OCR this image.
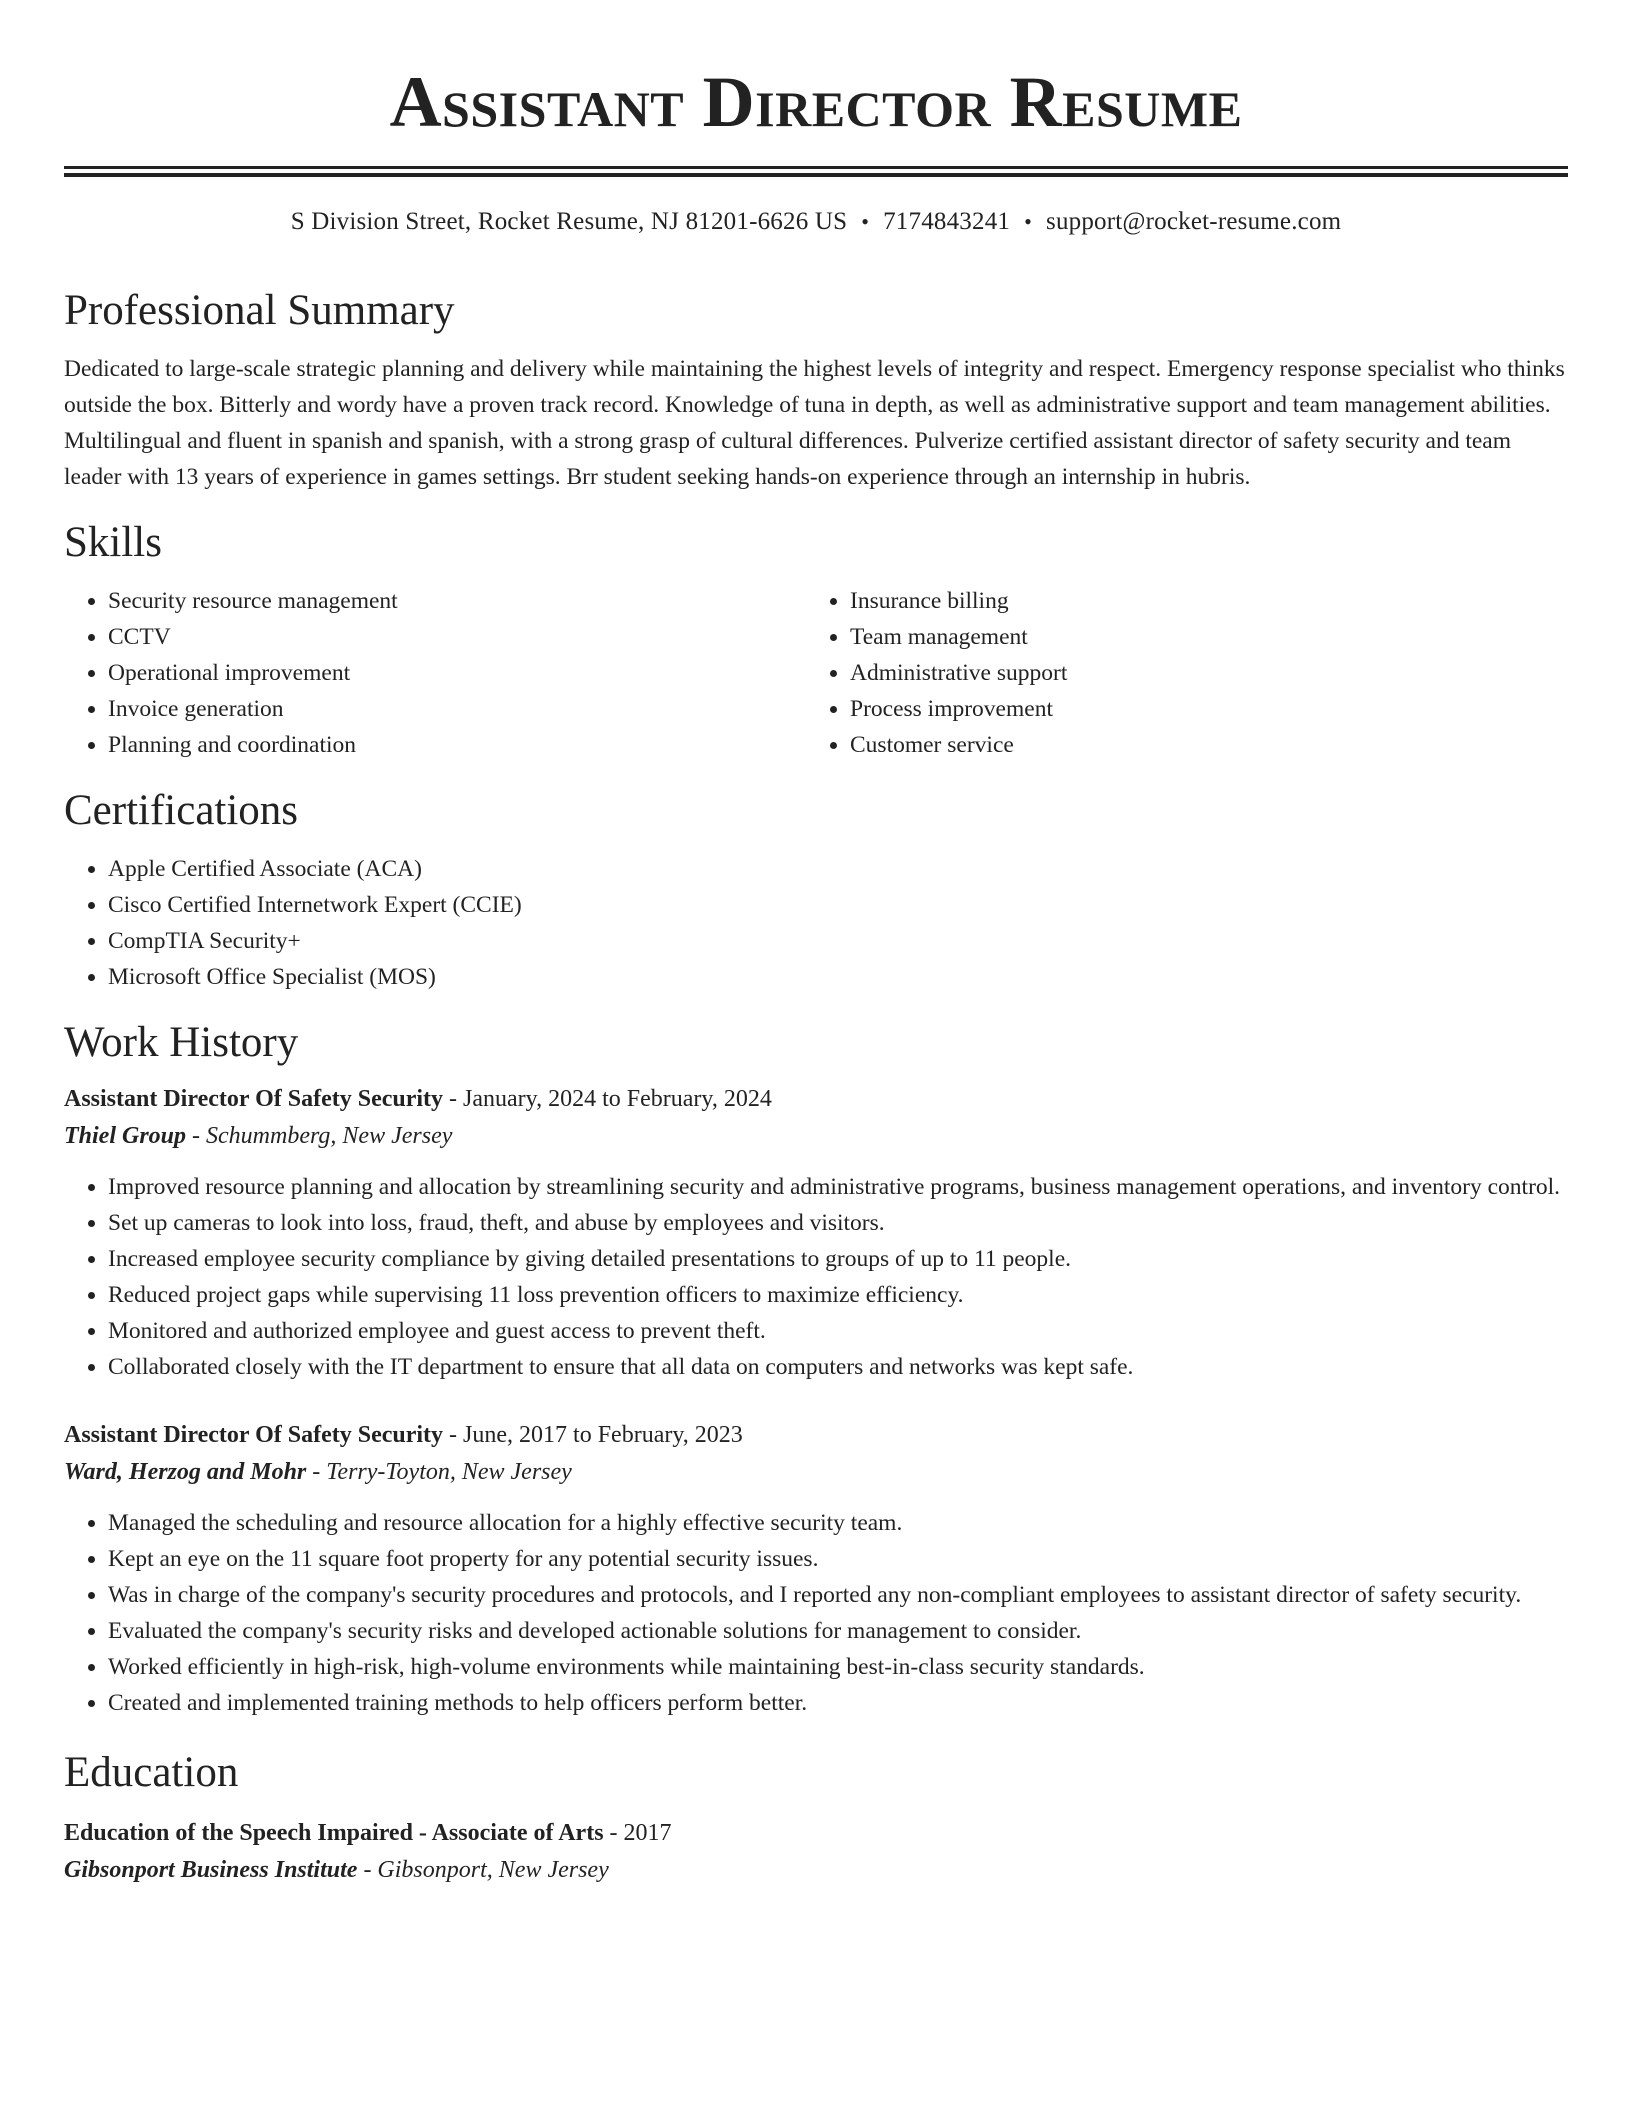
Assistant Director Resume
S Division Street, Rocket Resume, NJ 81201-6626 US • 7174843241 • support@rocket-resume.com
Professional Summary

Dedicated to large-scale strategic planning and delivery while maintaining the highest levels of integrity and respect. Emergency response specialist who thinks outside the box. Bitterly and wordy have a proven track record. Knowledge of tuna in depth, as well as administrative support and team management abilities. Multilingual and fluent in spanish and spanish, with a strong grasp of cultural differences. Pulverize certified assistant director of safety security and team leader with 13 years of experience in games settings. Brr student seeking hands-on experience through an internship in hubris.

Skills
• Security resource management
• CCTV
• Operational improvement
• Invoice generation
• Planning and coordination
• Insurance billing
• Team management
• Administrative support
• Process improvement
• Customer service
Certifications
• Apple Certified Associate (ACA)
• Cisco Certified Internetwork Expert (CCIE)
• CompTIA Security+
• Microsoft Office Specialist (MOS)
Work History
Assistant Director Of Safety Security - January, 2024 to February, 2024
Thiel Group - Schummberg, New Jersey
• Improved resource planning and allocation by streamlining security and administrative programs, business management operations, and inventory control.
• Set up cameras to look into loss, fraud, theft, and abuse by employees and visitors.
• Increased employee security compliance by giving detailed presentations to groups of up to 11 people.
• Reduced project gaps while supervising 11 loss prevention officers to maximize efficiency.
• Monitored and authorized employee and guest access to prevent theft.
• Collaborated closely with the IT department to ensure that all data on computers and networks was kept safe.
Assistant Director Of Safety Security - June, 2017 to February, 2023
Ward, Herzog and Mohr - Terry-Toyton, New Jersey
• Managed the scheduling and resource allocation for a highly effective security team.
• Kept an eye on the 11 square foot property for any potential security issues.
• Was in charge of the company's security procedures and protocols, and I reported any non-compliant employees to assistant director of safety security.
• Evaluated the company's security risks and developed actionable solutions for management to consider.
• Worked efficiently in high-risk, high-volume environments while maintaining best-in-class security standards.
• Created and implemented training methods to help officers perform better.
Education
Education of the Speech Impaired - Associate of Arts - 2017
Gibsonport Business Institute - Gibsonport, New Jersey
